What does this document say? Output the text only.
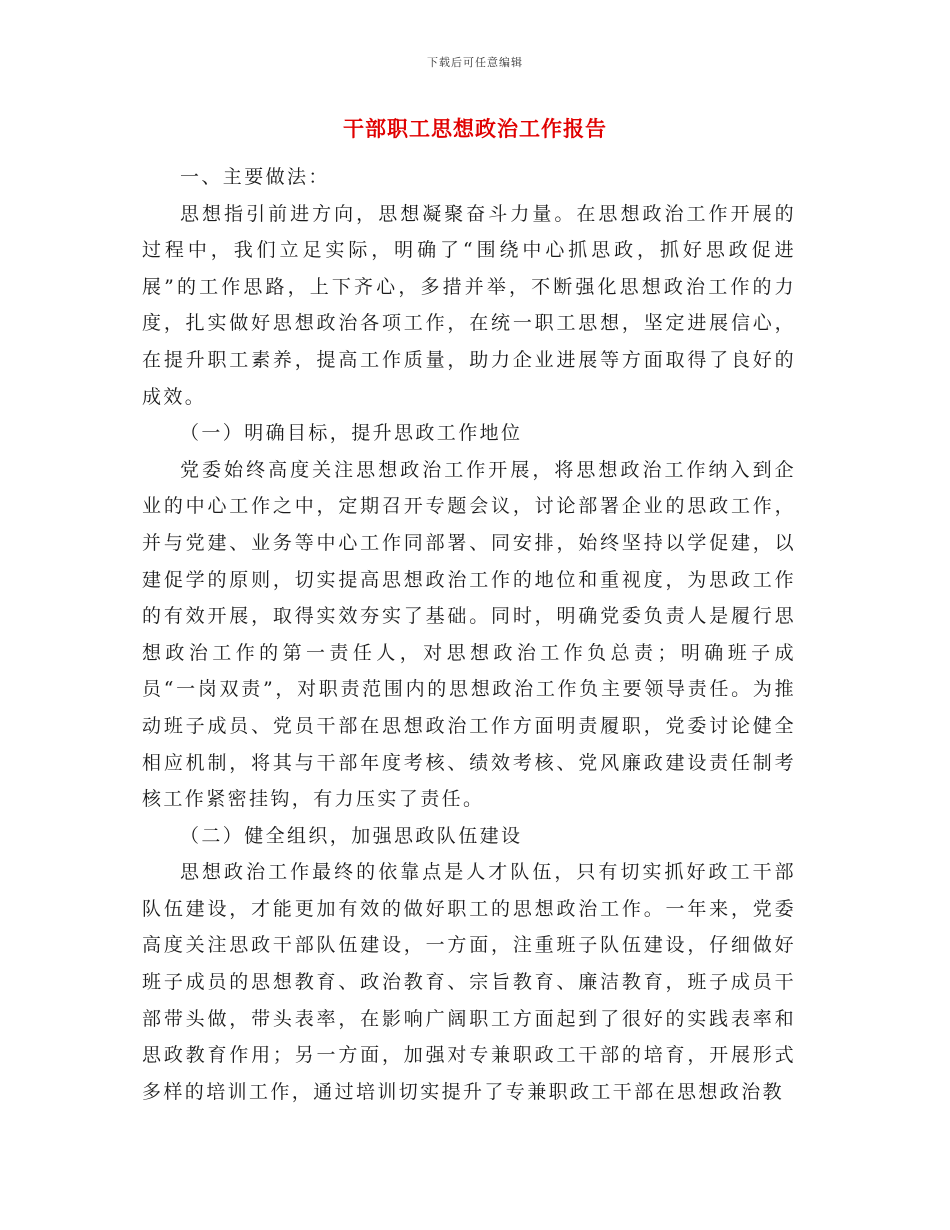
下载后可任意编辑
干部职工思想政治工作报告

一、主要做法：

思想指引前进方向，思想凝聚奋斗力量。在思想政治工作开展的过程中，我们立足实际，明确了“围绕中心抓思政，抓好思政促进展”的工作思路，上下齐心，多措并举，不断强化思想政治工作的力度，扎实做好思想政治各项工作，在统一职工思想，坚定进展信心，在提升职工素养，提高工作质量，助力企业进展等方面取得了良好的成效。

（一）明确目标，提升思政工作地位

党委始终高度关注思想政治工作开展，将思想政治工作纳入到企业的中心工作之中，定期召开专题会议，讨论部署企业的思政工作，并与党建、业务等中心工作同部署、同安排，始终坚持以学促建，以建促学的原则，切实提高思想政治工作的地位和重视度，为思政工作的有效开展，取得实效夯实了基础。同时，明确党委负责人是履行思想政治工作的第一责任人，对思想政治工作负总责；明确班子成员“一岗双责”，对职责范围内的思想政治工作负主要领导责任。为推动班子成员、党员干部在思想政治工作方面明责履职，党委讨论健全相应机制，将其与干部年度考核、绩效考核、党风廉政建设责任制考核工作紧密挂钩，有力压实了责任。

（二）健全组织，加强思政队伍建设

思想政治工作最终的依靠点是人才队伍，只有切实抓好政工干部队伍建设，才能更加有效的做好职工的思想政治工作。一年来，党委高度关注思政干部队伍建设，一方面，注重班子队伍建设，仔细做好班子成员的思想教育、政治教育、宗旨教育、廉洁教育，班子成员干部带头做，带头表率，在影响广阔职工方面起到了很好的实践表率和思政教育作用；另一方面，加强对专兼职政工干部的培育，开展形式多样的培训工作，通过培训切实提升了专兼职政工干部在思想政治教
